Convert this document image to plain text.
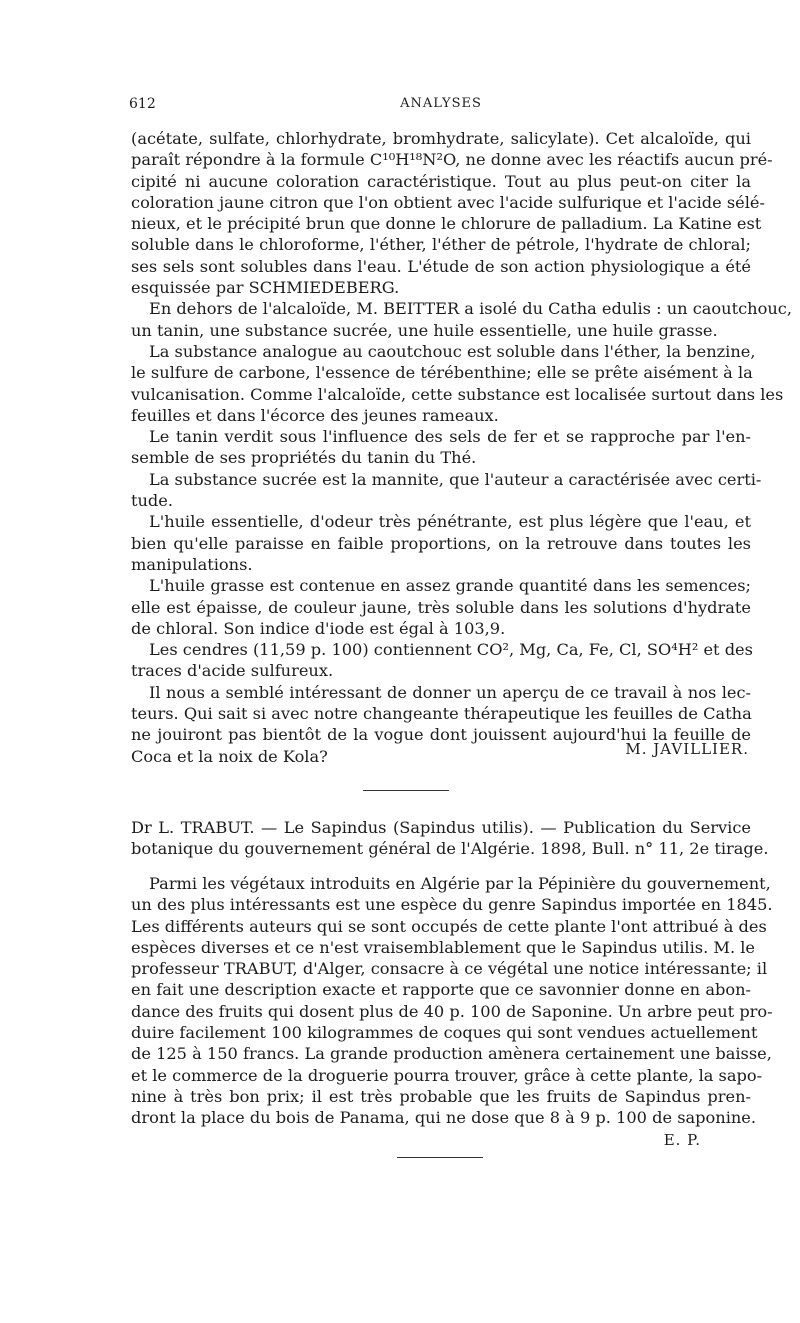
612	ANALYSES
(acétate, sulfate, chlorhydrate, bromhydrate, salicylate). Cet alcaloïde, qui
paraît répondre à la formule C¹⁰H¹⁸N²O, ne donne avec les réactifs aucun pré-
cipité ni aucune coloration caractéristique. Tout au plus peut-on citer la
coloration jaune citron que l'on obtient avec l'acide sulfurique et l'acide sélé-
nieux, et le précipité brun que donne le chlorure de palladium. La Katine est
soluble dans le chloroforme, l'éther, l'éther de pétrole, l'hydrate de chloral;
ses sels sont solubles dans l'eau. L'étude de son action physiologique a été
esquissée par SCHMIEDEBERG.
En dehors de l'alcaloïde, M. BEITTER a isolé du Catha edulis : un caoutchouc,
un tanin, une substance sucrée, une huile essentielle, une huile grasse.
La substance analogue au caoutchouc est soluble dans l'éther, la benzine,
le sulfure de carbone, l'essence de térébenthine; elle se prête aisément à la
vulcanisation. Comme l'alcaloïde, cette substance est localisée surtout dans les
feuilles et dans l'écorce des jeunes rameaux.
Le tanin verdit sous l'influence des sels de fer et se rapproche par l'en-
semble de ses propriétés du tanin du Thé.
La substance sucrée est la mannite, que l'auteur a caractérisée avec certi-
tude.
L'huile essentielle, d'odeur très pénétrante, est plus légère que l'eau, et
bien qu'elle paraisse en faible proportions, on la retrouve dans toutes les
manipulations.
L'huile grasse est contenue en assez grande quantité dans les semences;
elle est épaisse, de couleur jaune, très soluble dans les solutions d'hydrate
de chloral. Son indice d'iode est égal à 103,9.
Les cendres (11,59 p. 100) contiennent CO², Mg, Ca, Fe, Cl, SO⁴H² et des
traces d'acide sulfureux.
Il nous a semblé intéressant de donner un aperçu de ce travail à nos lec-
teurs. Qui sait si avec notre changeante thérapeutique les feuilles de Catha
ne jouiront pas bientôt de la vogue dont jouissent aujourd'hui la feuille de
Coca et la noix de Kola?	M. JAVILLIER.
Dr L. TRABUT. — Le Sapindus (Sapindus utilis). — Publication du Service
botanique du gouvernement général de l'Algérie. 1898, Bull. n° 11, 2e tirage.
Parmi les végétaux introduits en Algérie par la Pépinière du gouvernement,
un des plus intéressants est une espèce du genre Sapindus importée en 1845.
Les différents auteurs qui se sont occupés de cette plante l'ont attribué à des
espèces diverses et ce n'est vraisemblablement que le Sapindus utilis. M. le
professeur TRABUT, d'Alger, consacre à ce végétal une notice intéressante; il
en fait une description exacte et rapporte que ce savonnier donne en abon-
dance des fruits qui dosent plus de 40 p. 100 de Saponine. Un arbre peut pro-
duire facilement 100 kilogrammes de coques qui sont vendues actuellement
de 125 à 150 francs. La grande production amènera certainement une baisse,
et le commerce de la droguerie pourra trouver, grâce à cette plante, la sapo-
nine à très bon prix; il est très probable que les fruits de Sapindus pren-
dront la place du bois de Panama, qui ne dose que 8 à 9 p. 100 de saponine.
E. P.
